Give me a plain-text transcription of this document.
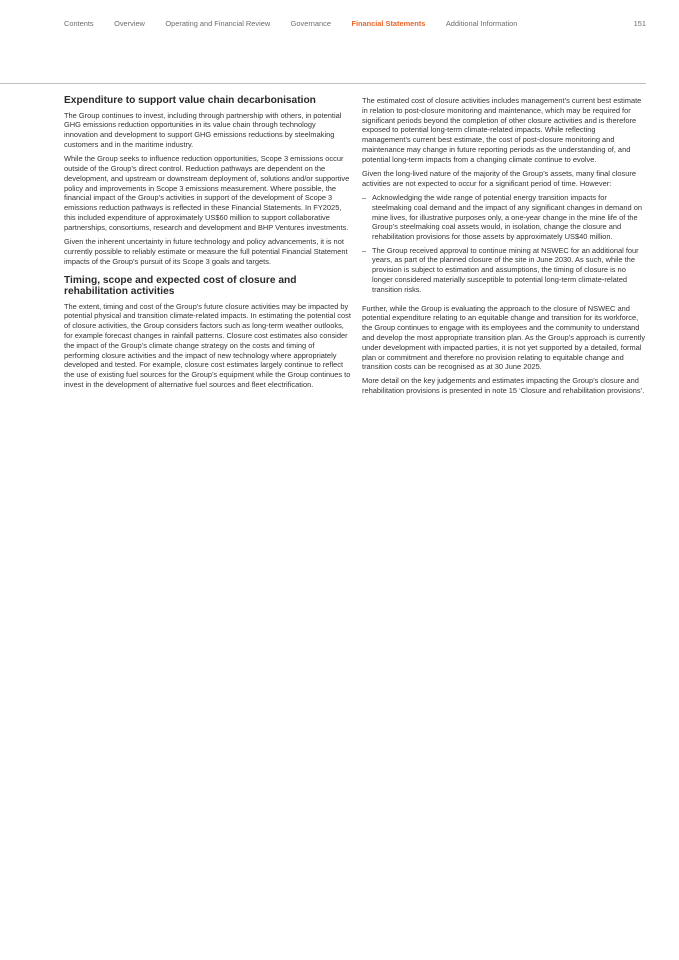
Contents	Overview	Operating and Financial Review	Governance	Financial Statements	Additional Information	151
Expenditure to support value chain decarbonisation

The Group continues to invest, including through partnership with others, in potential GHG emissions reduction opportunities in its value chain through technology innovation and development to support GHG emissions reductions by steelmaking customers and in the maritime industry.

While the Group seeks to influence reduction opportunities, Scope 3 emissions occur outside of the Group’s direct control. Reduction pathways are dependent on the development, and upstream or downstream deployment of, solutions and/or supportive policy and improvements in Scope 3 emissions measurement. Where possible, the financial impact of the Group’s activities in support of the development of Scope 3 emissions reduction pathways is reflected in these Financial Statements. In FY2025, this included expenditure of approximately US$60 million to support collaborative partnerships, consortiums, research and development and BHP Ventures investments.

Given the inherent uncertainty in future technology and policy advancements, it is not currently possible to reliably estimate or measure the full potential Financial Statement impacts of the Group’s pursuit of its Scope 3 goals and targets.

Timing, scope and expected cost of closure and rehabilitation activities

The extent, timing and cost of the Group’s future closure activities may be impacted by potential physical and transition climate-related impacts. In estimating the potential cost of closure activities, the Group considers factors such as long-term weather outlooks, for example forecast changes in rainfall patterns. Closure cost estimates also consider the impact of the Group’s climate change strategy on the costs and timing of performing closure activities and the impact of new technology where appropriately developed and tested. For example, closure cost estimates largely continue to reflect the use of existing fuel sources for the Group’s equipment while the Group continues to invest in the development of alternative fuel sources and fleet electrification.

The estimated cost of closure activities includes management’s current best estimate in relation to post-closure monitoring and maintenance, which may be required for significant periods beyond the completion of other closure activities and is therefore exposed to potential long-term climate-related impacts. While reflecting management’s current best estimate, the cost of post-closure monitoring and maintenance may change in future reporting periods as the understanding of, and potential long-term impacts from a changing climate continue to evolve.

Given the long-lived nature of the majority of the Group’s assets, many final closure activities are not expected to occur for a significant period of time. However:

– Acknowledging the wide range of potential energy transition impacts for steelmaking coal demand and the impact of any significant changes in demand on mine lives, for illustrative purposes only, a one-year change in the mine life of the Group’s steelmaking coal assets would, in isolation, change the closure and rehabilitation provisions for those assets by approximately US$40 million.
– The Group received approval to continue mining at NSWEC for an additional four years, as part of the planned closure of the site in June 2030. As such, while the provision is subject to estimation and assumptions, the timing of closure is no longer considered materially susceptible to potential long-term climate-related transition risks.

Further, while the Group is evaluating the approach to the closure of NSWEC and potential expenditure relating to an equitable change and transition for its workforce, the Group continues to engage with its employees and the community to understand and develop the most appropriate transition plan. As the Group’s approach is currently under development with impacted parties, it is not yet supported by a detailed, formal plan or commitment and therefore no provision relating to equitable change and transition costs can be recognised as at 30 June 2025.

More detail on the key judgements and estimates impacting the Group’s closure and rehabilitation provisions is presented in note 15 ‘Closure and rehabilitation provisions’.
